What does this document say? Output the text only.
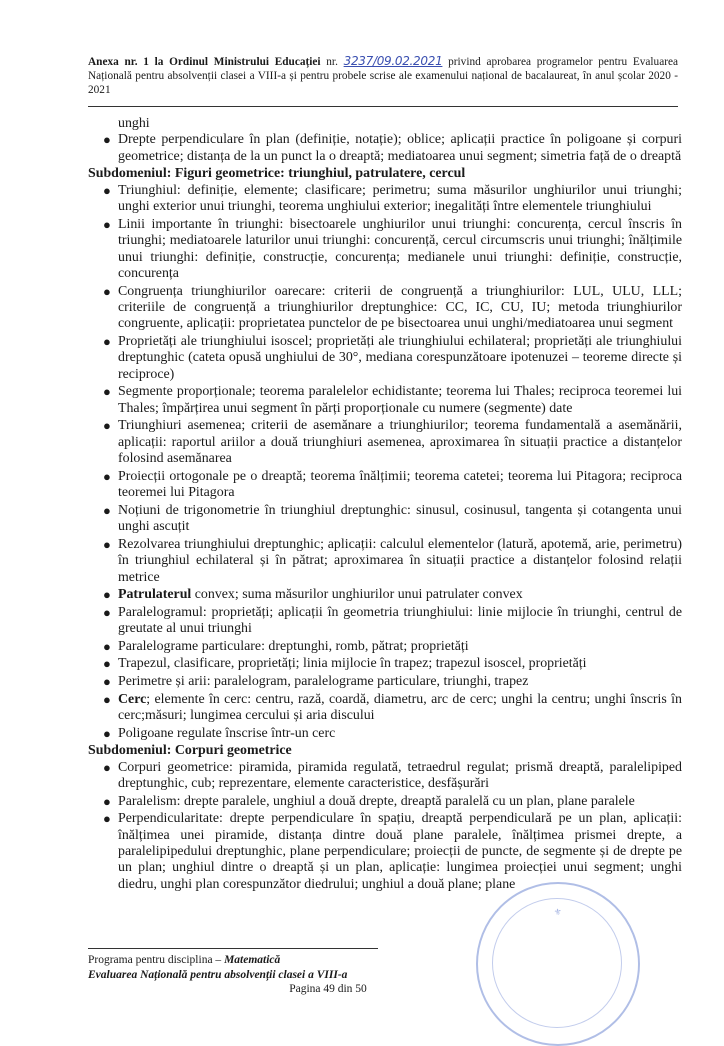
Anexa nr. 1 la Ordinul Ministrului Educației nr. 3237/09.02.2021 privind aprobarea programelor pentru Evaluarea Națională pentru absolvenții clasei a VIII-a și pentru probele scrise ale examenului național de bacalaureat, în anul școlar 2020 - 2021

unghi

● Drepte perpendiculare în plan (definiție, notație); oblice; aplicații practice în poligoane și corpuri geometrice; distanța de la un punct la o dreaptă; mediatoarea unui segment; simetria față de o dreaptă

Subdomeniul: Figuri geometrice: triunghiul, patrulatere, cercul

● Triunghiul: definiție, elemente; clasificare; perimetru; suma măsurilor unghiurilor unui triunghi; unghi exterior unui triunghi, teorema unghiului exterior; inegalități între elementele triunghiului
● Linii importante în triunghi: bisectoarele unghiurilor unui triunghi: concurența, cercul înscris în triunghi; mediatoarele laturilor unui triunghi: concurență, cercul circumscris unui triunghi; înălțimile unui triunghi: definiție, construcție, concurența; medianele unui triunghi: definiție, construcție, concurența
● Congruența triunghiurilor oarecare: criterii de congruență a triunghiurilor: LUL, ULU, LLL; criteriile de congruență a triunghiurilor dreptunghice: CC, IC, CU, IU; metoda triunghiurilor congruente, aplicații: proprietatea punctelor de pe bisectoarea unui unghi/mediatoarea unui segment
● Proprietăți ale triunghiului isoscel; proprietăți ale triunghiului echilateral; proprietăți ale triunghiului dreptunghic (cateta opusă unghiului de 30°, mediana corespunzătoare ipotenuzei – teoreme directe și reciproce)
● Segmente proporționale; teorema paralelelor echidistante; teorema lui Thales; reciproca teoremei lui Thales; împărțirea unui segment în părți proporționale cu numere (segmente) date
● Triunghiuri asemenea; criterii de asemănare a triunghiurilor; teorema fundamentală a asemănării, aplicații: raportul ariilor a două triunghiuri asemenea, aproximarea în situații practice a distanțelor folosind asemănarea
● Proiecții ortogonale pe o dreaptă; teorema înălțimii; teorema catetei; teorema lui Pitagora; reciproca teoremei lui Pitagora
● Noțiuni de trigonometrie în triunghiul dreptunghic: sinusul, cosinusul, tangenta și cotangenta unui unghi ascuțit
● Rezolvarea triunghiului dreptunghic; aplicații: calculul elementelor (latură, apotemă, arie, perimetru) în triunghiul echilateral și în pătrat; aproximarea în situații practice a distanțelor folosind relații metrice
● Patrulaterul convex; suma măsurilor unghiurilor unui patrulater convex
● Paralelogramul: proprietăți; aplicații în geometria triunghiului: linie mijlocie în triunghi, centrul de greutate al unui triunghi
● Paralelograme particulare: dreptunghi, romb, pătrat; proprietăți
● Trapezul, clasificare, proprietăți; linia mijlocie în trapez; trapezul isoscel, proprietăți
● Perimetre și arii: paralelogram, paralelograme particulare, triunghi, trapez
● Cerc; elemente în cerc: centru, rază, coardă, diametru, arc de cerc; unghi la centru; unghi înscris în cerc;măsuri; lungimea cercului și aria discului
● Poligoane regulate înscrise într-un cerc

Subdomeniul: Corpuri geometrice

● Corpuri geometrice: piramida, piramida regulată, tetraedrul regulat; prismă dreaptă, paralelipiped dreptunghic, cub; reprezentare, elemente caracteristice, desfășurări
● Paralelism: drepte paralele, unghiul a două drepte, dreaptă paralelă cu un plan, plane paralele
● Perpendicularitate: drepte perpendiculare în spațiu, dreaptă perpendiculară pe un plan, aplicații: înălțimea unei piramide, distanța dintre două plane paralele, înălțimea prismei drepte, a paralelipipedului dreptunghic, plane perpendiculare; proiecții de puncte, de segmente și de drepte pe un plan; unghiul dintre o dreaptă și un plan, aplicație: lungimea proiecției unui segment; unghi diedru, unghi plan corespunzător diedrului; unghiul a două plane; plane
Programa pentru disciplina – Matematică
Evaluarea Națională pentru absolvenții clasei a VIII-a
Pagina 49 din 50
⚜
